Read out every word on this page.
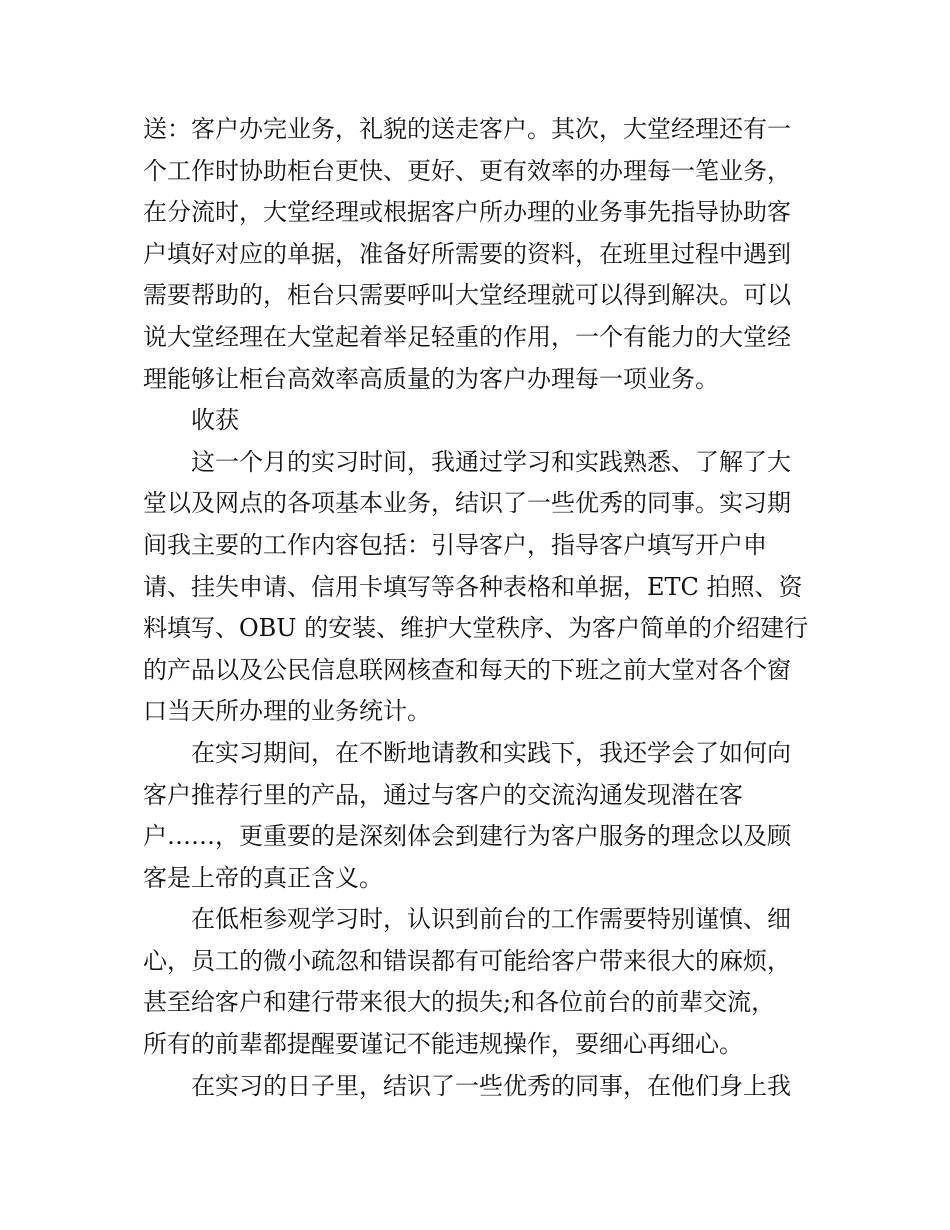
送：客户办完业务，礼貌的送走客户。其次，大堂经理还有一
个工作时协助柜台更快、更好、更有效率的办理每一笔业务，
在分流时，大堂经理或根据客户所办理的业务事先指导协助客
户填好对应的单据，准备好所需要的资料，在班里过程中遇到
需要帮助的，柜台只需要呼叫大堂经理就可以得到解决。可以
说大堂经理在大堂起着举足轻重的作用，一个有能力的大堂经
理能够让柜台高效率高质量的为客户办理每一项业务。
收获
这一个月的实习时间，我通过学习和实践熟悉、了解了大
堂以及网点的各项基本业务，结识了一些优秀的同事。实习期
间我主要的工作内容包括：引导客户，指导客户填写开户申
请、挂失申请、信用卡填写等各种表格和单据，ETC 拍照、资
料填写、OBU 的安装、维护大堂秩序、为客户简单的介绍建行
的产品以及公民信息联网核查和每天的下班之前大堂对各个窗
口当天所办理的业务统计。
在实习期间，在不断地请教和实践下，我还学会了如何向
客户推荐行里的产品，通过与客户的交流沟通发现潜在客
户……，更重要的是深刻体会到建行为客户服务的理念以及顾
客是上帝的真正含义。
在低柜参观学习时，认识到前台的工作需要特别谨慎、细
心，员工的微小疏忽和错误都有可能给客户带来很大的麻烦，
甚至给客户和建行带来很大的损失;和各位前台的前辈交流，
所有的前辈都提醒要谨记不能违规操作，要细心再细心。
在实习的日子里，结识了一些优秀的同事，在他们身上我
